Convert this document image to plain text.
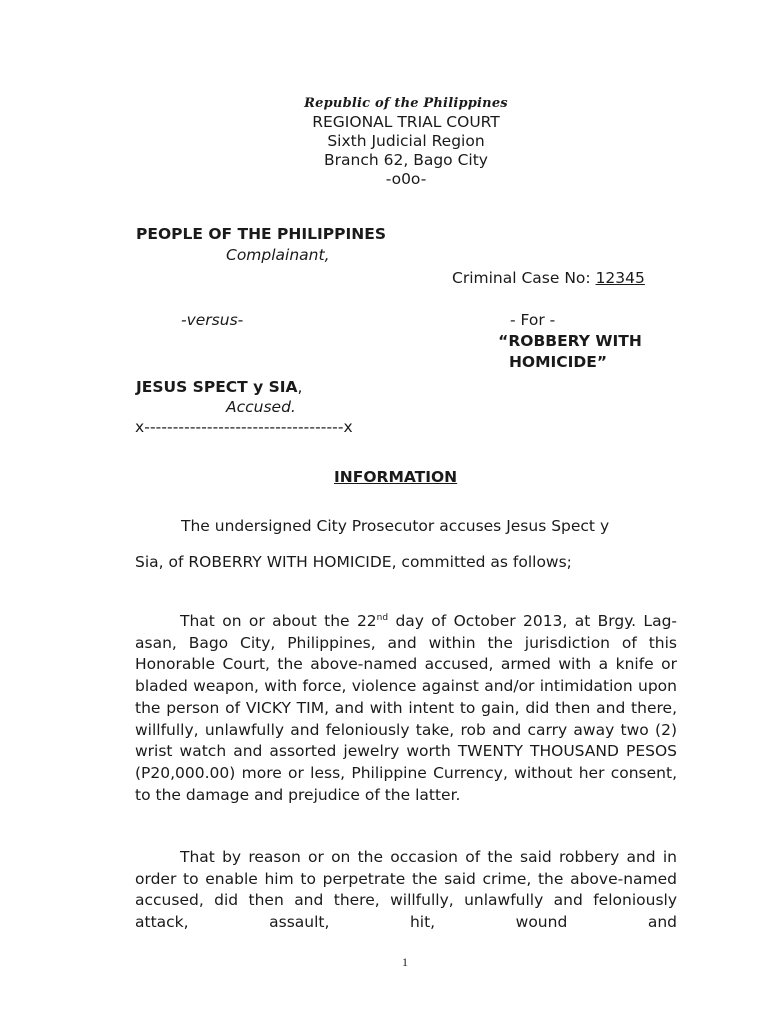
Republic of the Philippines
REGIONAL TRIAL COURT
Sixth Judicial Region
Branch 62, Bago City
-o0o-
PEOPLE OF THE PHILIPPINES
Complainant,
Criminal Case No: 12345
-versus-	- For -
“ROBBERY WITH
HOMICIDE”
JESUS SPECT y SIA,
Accused.
x-----------------------------------x
INFORMATION
The undersigned City Prosecutor accuses Jesus Spect y
Sia, of ROBERRY WITH HOMICIDE, committed as follows;

That on or about the 22nd day of October 2013, at Brgy. Lag-asan, Bago City, Philippines, and within the jurisdiction of this Honorable Court, the above-named accused, armed with a knife or bladed weapon, with force, violence against and/or intimidation upon the person of VICKY TIM, and with intent to gain, did then and there, willfully, unlawfully and feloniously take, rob and carry away two (2) wrist watch and assorted jewelry worth TWENTY THOUSAND PESOS (P20,000.00) more or less, Philippine Currency, without her consent, to the damage and prejudice of the latter.

That by reason or on the occasion of the said robbery and in order to enable him to perpetrate the said crime, the above-named accused, did then and there, willfully, unlawfully and feloniously attack, assault, hit, wound and

1
